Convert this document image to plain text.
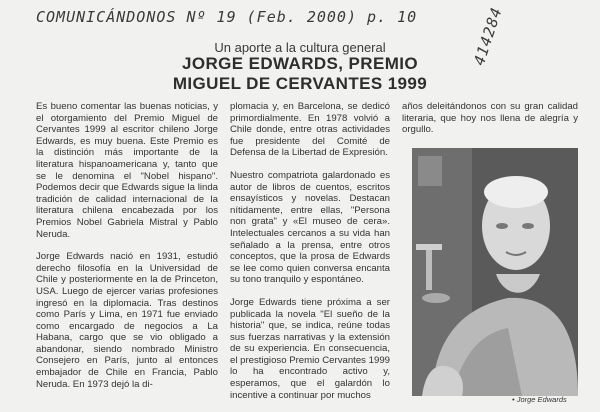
COMUNICÁNDONOS Nº 19 (Feb. 2000) p. 10	414284
Un aporte a la cultura general
JORGE EDWARDS, PREMIO
MIGUEL DE CERVANTES 1999

Es bueno comentar las buenas noticias, y el otorgamiento del Premio Miguel de Cervantes 1999 al escritor chileno Jorge Edwards, es muy buena. Este Premio es la distinción más importante de la literatura hispanoamericana y, tanto que se le denomina el "Nobel hispano". Podemos decir que Edwards sigue la linda tradición de calidad internacional de la literatura chilena encabezada por los Premios Nobel Gabriela Mistral y Pablo Neruda.

Jorge Edwards nació en 1931, estudió derecho filosofía en la Universidad de Chile y posteriormente en la de Princeton, USA. Luego de ejercer varias profesiones ingresó en la diplomacia. Tras destinos como París y Lima, en 1971 fue enviado como encargado de negocios a La Habana, cargo que se vio obligado a abandonar, siendo nombrado Ministro Consejero en París, junto al entonces embajador de Chile en Francia, Pablo Neruda. En 1973 dejó la di-

plomacia y, en Barcelona, se dedicó primordialmente. En 1978 volvió a Chile donde, entre otras actividades fue presidente del Comité de Defensa de la Libertad de Expresión.

Nuestro compatriota galardonado es autor de libros de cuentos, escritos ensayísticos y novelas. Destacan nítidamente, entre ellas, "Persona non grata" y «El museo de cera». Intelectuales cercanos a su vida han señalado a la prensa, entre otros conceptos, que la prosa de Edwards se lee como quien conversa encanta su tono tranquilo y espontáneo.

Jorge Edwards tiene próxima a ser publicada la novela "El sueño de la historia" que, se indica, reúne todas sus fuerzas narrativas y la extensión de su experiencia. En consecuencia, el prestigioso Premio Cervantes 1999 lo ha encontrado activo y, esperamos, que el galardón lo incentive a continuar por muchos

años deleitándonos con su gran calidad literaria, que hoy nos llena de alegría y orgullo.

• Jorge Edwards
